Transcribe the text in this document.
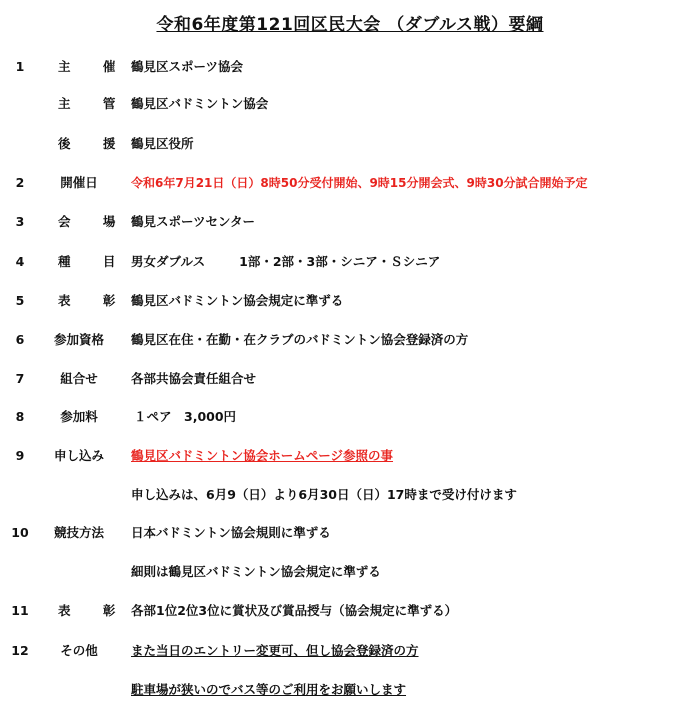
令和6年度第121回区民大会 （ダブルス戦）要綱
1	主 催 鶴見区スポーツ協会
主 管 鶴見区バドミントン協会
後 援 鶴見区役所
2	開催日	令和6年7月21日（日）8時50分受付開始、9時15分開会式、9時30分試合開始予定
3	会 場 鶴見スポーツセンター
4	種 目 男女ダブルス	1部・2部・3部・シニア・Ｓシニア
5	表 彰 鶴見区バドミントン協会規定に準ずる
6	参加資格	鶴見区在住・在勤・在クラブのバドミントン協会登録済の方
7	組合せ	各部共協会責任組合せ
8	参加料	１ペア　3,000円
9	申し込み	鶴見区バドミントン協会ホームページ参照の事
申し込みは、6月9（日）より6月30日（日）17時まで受け付けます
10	競技方法	日本バドミントン協会規則に準ずる
細則は鶴見区バドミントン協会規定に準ずる
11	表 彰 各部1位2位3位に賞状及び賞品授与（協会規定に準ずる）
12	その他	また当日のエントリー変更可、但し協会登録済の方
駐車場が狭いのでバス等のご利用をお願いします
